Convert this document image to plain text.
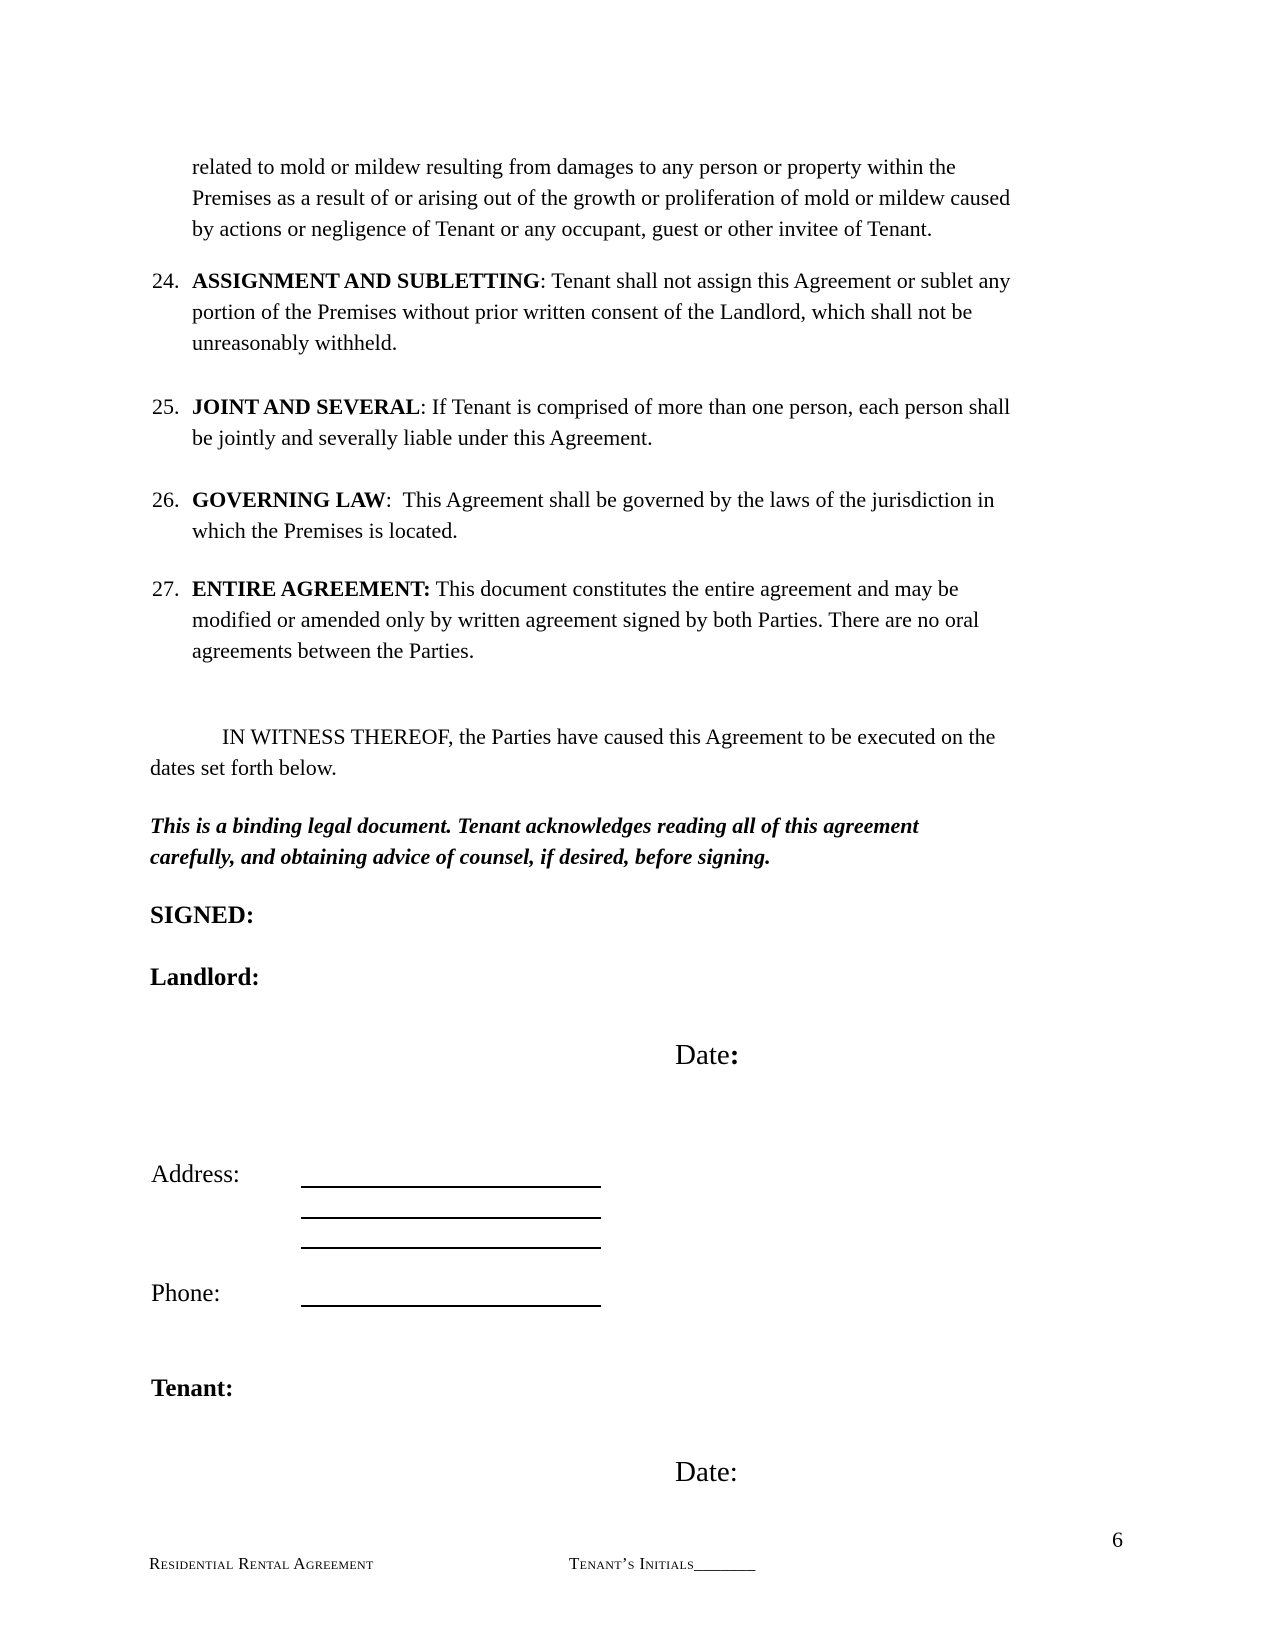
related to mold or mildew resulting from damages to any person or property within the
Premises as a result of or arising out of the growth or proliferation of mold or mildew caused
by actions or negligence of Tenant or any occupant, guest or other invitee of Tenant.
24. ASSIGNMENT AND SUBLETTING: Tenant shall not assign this Agreement or sublet any
portion of the Premises without prior written consent of the Landlord, which shall not be
unreasonably withheld.
25. JOINT AND SEVERAL: If Tenant is comprised of more than one person, each person shall
be jointly and severally liable under this Agreement.
26. GOVERNING LAW:  This Agreement shall be governed by the laws of the jurisdiction in
which the Premises is located.
27. ENTIRE AGREEMENT: This document constitutes the entire agreement and may be
modified or amended only by written agreement signed by both Parties. There are no oral
agreements between the Parties.
IN WITNESS THEREOF, the Parties have caused this Agreement to be executed on the
dates set forth below.
This is a binding legal document. Tenant acknowledges reading all of this agreement
carefully, and obtaining advice of counsel, if desired, before signing.
SIGNED:
Landlord:
Date:
Address:
Phone:
Tenant:
Date:
6
Residential Rental Agreement	Tenant’s Initials_______
